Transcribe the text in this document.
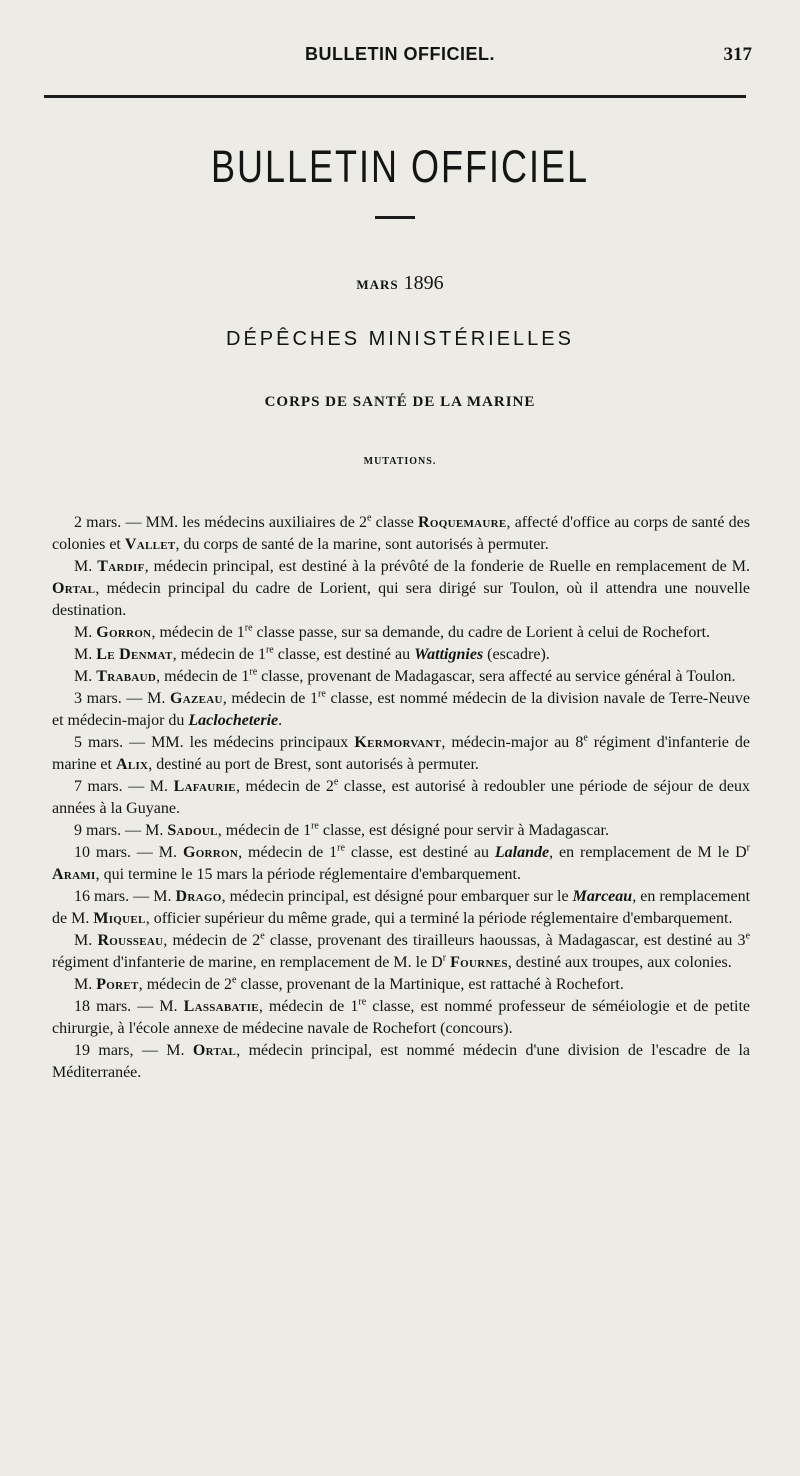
BULLETIN OFFICIEL.	317
BULLETIN OFFICIEL
MARS 1896
DÉPÊCHES MINISTÉRIELLES
CORPS DE SANTÉ DE LA MARINE
MUTATIONS.

2 mars. — MM. les médecins auxiliaires de 2e classe Roquemaure, affecté d'office au corps de santé des colonies et Vallet, du corps de santé de la marine, sont autorisés à permuter.

M. Tardif, médecin principal, est destiné à la prévôté de la fonderie de Ruelle en remplacement de M. Ortal, médecin principal du cadre de Lorient, qui sera dirigé sur Toulon, où il attendra une nouvelle destination.

M. Gorron, médecin de 1re classe passe, sur sa demande, du cadre de Lorient à celui de Rochefort.

M. Le Denmat, médecin de 1re classe, est destiné au Wattignies (escadre).

M. Trabaud, médecin de 1re classe, provenant de Madagascar, sera affecté au service général à Toulon.

3 mars. — M. Gazeau, médecin de 1re classe, est nommé médecin de la division navale de Terre-Neuve et médecin-major du Laclocheterie.

5 mars. — MM. les médecins principaux Kermorvant, médecin-major au 8e régiment d'infanterie de marine et Alix, destiné au port de Brest, sont autorisés à permuter.

7 mars. — M. Lafaurie, médecin de 2e classe, est autorisé à redoubler une période de séjour de deux années à la Guyane.

9 mars. — M. Sadoul, médecin de 1re classe, est désigné pour servir à Madagascar.

10 mars. — M. Gorron, médecin de 1re classe, est destiné au Lalande, en remplacement de M le $D^r$ Arami, qui termine le 15 mars la période réglementaire d'embarquement.

16 mars. — M. Drago, médecin principal, est désigné pour embarquer sur le Marceau, en remplacement de M. Miquel, officier supérieur du même grade, qui a terminé la période réglementaire d'embarquement.

M. Rousseau, médecin de 2e classe, provenant des tirailleurs haoussas, à Madagascar, est destiné au 3e régiment d'infanterie de marine, en remplacement de M. le $D^r$ Fournes, destiné aux troupes, aux colonies.

M. Poret, médecin de 2e classe, provenant de la Martinique, est rattaché à Rochefort.

18 mars. — M. Lassabatie, médecin de 1re classe, est nommé professeur de séméiologie et de petite chirurgie, à l'école annexe de médecine navale de Rochefort (concours).

19 mars, — M. Ortal, médecin principal, est nommé médecin d'une division de l'escadre de la Méditerranée.
